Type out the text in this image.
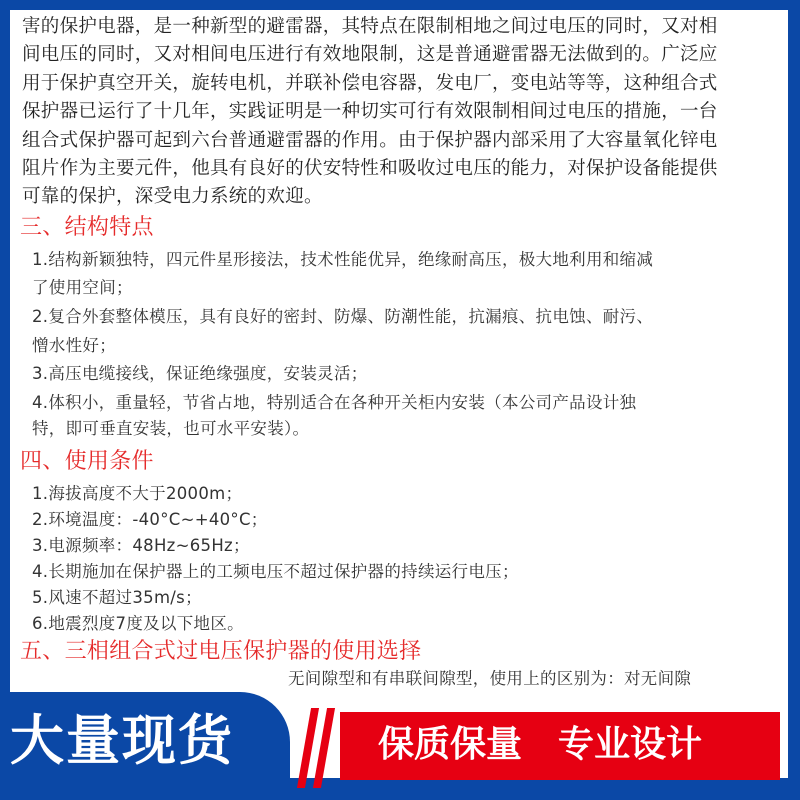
害的保护电器，是一种新型的避雷器，其特点在限制相地之间过电压的同时，又对相
间电压的同时，又对相间电压进行有效地限制，这是普通避雷器无法做到的。广泛应
用于保护真空开关，旋转电机，并联补偿电容器，发电厂，变电站等等，这种组合式
保护器已运行了十几年，实践证明是一种切实可行有效限制相间过电压的措施，一台
组合式保护器可起到六台普通避雷器的作用。由于保护器内部采用了大容量氧化锌电
阻片作为主要元件，他具有良好的伏安特性和吸收过电压的能力，对保护设备能提供
可靠的保护，深受电力系统的欢迎。
三、结构特点
1.结构新颖独特，四元件星形接法，技术性能优异，绝缘耐高压，极大地利用和缩减
了使用空间；
2.复合外套整体模压，具有良好的密封、防爆、防潮性能，抗漏痕、抗电蚀、耐污、
憎水性好；
3.高压电缆接线，保证绝缘强度，安装灵活；
4.体积小，重量轻，节省占地，特别适合在各种开关柜内安装（本公司产品设计独
特，即可垂直安装，也可水平安装）。
四、使用条件
1.海拔高度不大于2000m；
2.环境温度：-40°C~+40°C；
3.电源频率：48Hz~65Hz；
4.长期施加在保护器上的工频电压不超过保护器的持续运行电压；
5.风速不超过35m/s；
6.地震烈度7度及以下地区。
五、三相组合式过电压保护器的使用选择
无间隙型和有串联间隙型，使用上的区别为：对无间隙
大量现货	保质保量　专业设计
